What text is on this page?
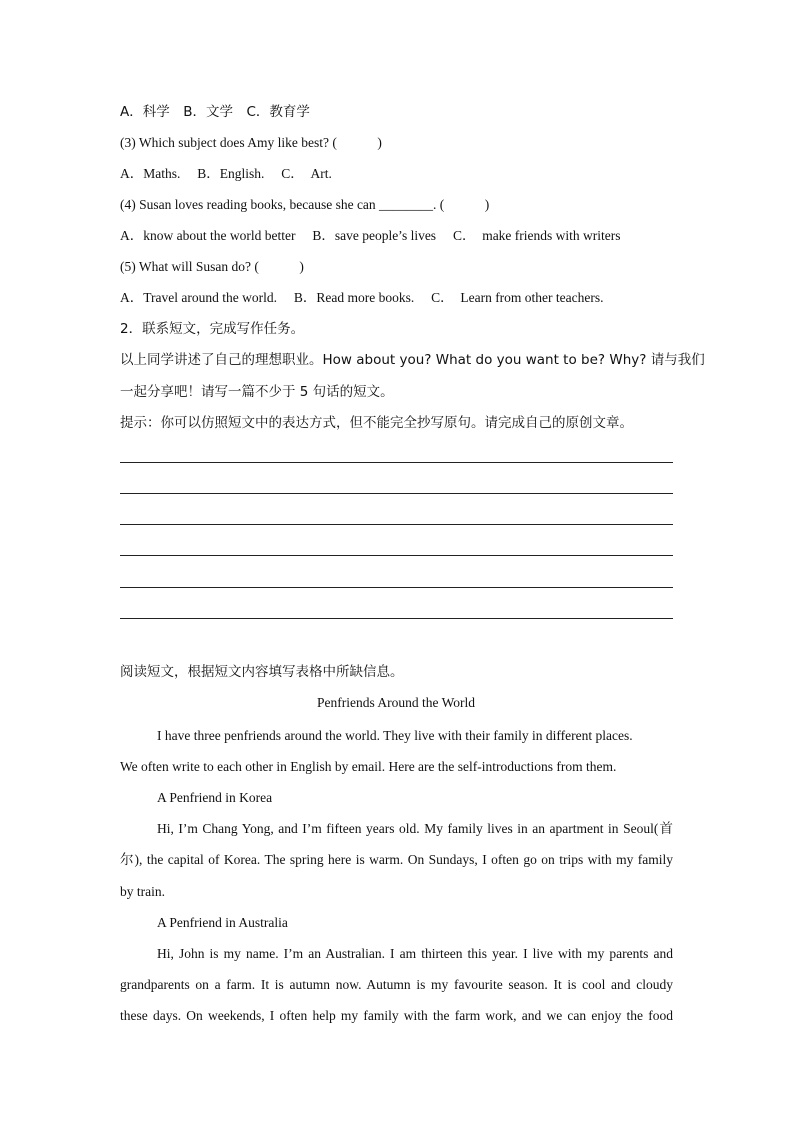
A．科学　B．文学　C．教育学
(3) Which subject does Amy like best? (　　　)
A．Maths.　 B．English.　 C．　Art.
(4) Susan loves reading books, because she can ________. (　　　)
A．know about the world better　 B．save people’s lives　 C．　make friends with writers
(5) What will Susan do? (　　　)
A．Travel around the world.　 B．Read more books.　 C．　Learn from other teachers.
2．联系短文，完成写作任务。
以上同学讲述了自己的理想职业。How about you? What do you want to be? Why? 请与我们
一起分享吧！请写一篇不少于 5 句话的短文。
提示：你可以仿照短文中的表达方式，但不能完全抄写原句。请完成自己的原创文章。
阅读短文，根据短文内容填写表格中所缺信息。
Penfriends Around the World
I have three penfriends around the world. They live with their family in different places.
We often write to each other in English by email. Here are the self-introductions from them.
A Penfriend in Korea
Hi, I’m Chang Yong, and I’m fifteen years old. My family lives in an apartment in Seoul(首
尔), the capital of Korea. The spring here is warm. On Sundays, I often go on trips with my family
by train.
A Penfriend in Australia
Hi, John is my name. I’m an Australian. I am thirteen this year. I live with my parents and
grandparents on a farm. It is autumn now. Autumn is my favourite season. It is cool and cloudy
these days. On weekends, I often help my family with the farm work, and we can enjoy the food
